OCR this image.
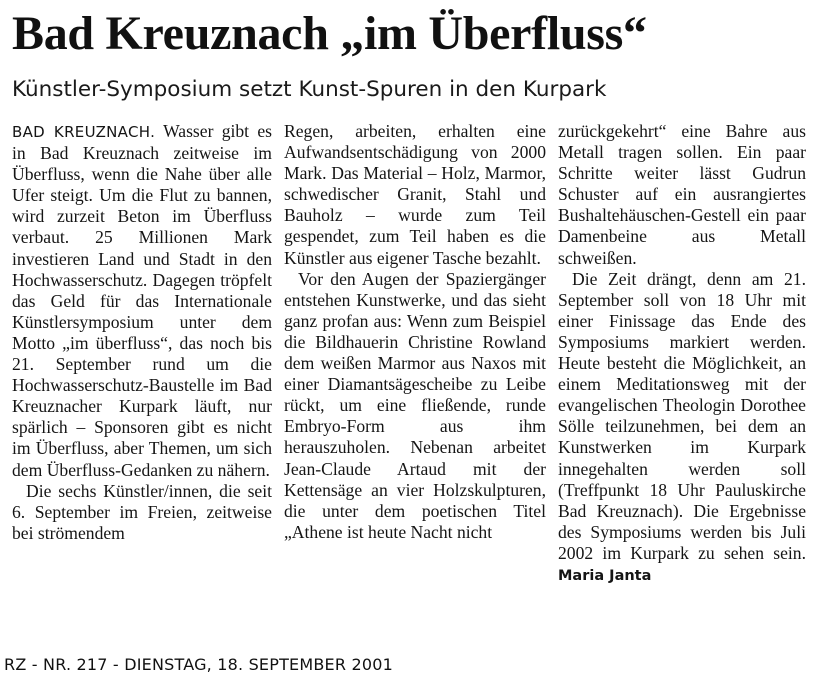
Bad Kreuznach „im Überfluss“
Künstler-Symposium setzt Kunst-Spuren in den Kurpark

BAD KREUZNACH. Wasser gibt es in Bad Kreuznach zeitweise im Überfluss, wenn die Nahe über alle Ufer steigt. Um die Flut zu bannen, wird zurzeit Beton im Überfluss verbaut. 25 Millionen Mark investieren Land und Stadt in den Hochwasserschutz. Dagegen tröpfelt das Geld für das Internationale Künstlersymposium unter dem Motto „im überfluss“, das noch bis 21. September rund um die Hochwasserschutz-Baustelle im Bad Kreuznacher Kurpark läuft, nur spärlich – Sponsoren gibt es nicht im Überfluss, aber Themen, um sich dem Überfluss-Gedanken zu nähern.

Die sechs Künstler/innen, die seit 6. September im Freien, zeitweise bei strömendem

Regen, arbeiten, erhalten eine Aufwandsentschädigung von 2000 Mark. Das Material – Holz, Marmor, schwedischer Granit, Stahl und Bauholz – wurde zum Teil gespendet, zum Teil haben es die Künstler aus eigener Tasche bezahlt.

Vor den Augen der Spaziergänger entstehen Kunstwerke, und das sieht ganz profan aus: Wenn zum Beispiel die Bildhauerin Christine Rowland dem weißen Marmor aus Naxos mit einer Diamantsägescheibe zu Leibe rückt, um eine fließende, runde Embryo-Form aus ihm herauszuholen. Nebenan arbeitet Jean-Claude Artaud mit der Kettensäge an vier Holzskulpturen, die unter dem poetischen Titel „Athene ist heute Nacht nicht

zurückgekehrt“ eine Bahre aus Metall tragen sollen. Ein paar Schritte weiter lässt Gudrun Schuster auf ein ausrangiertes Bushaltehäuschen-Gestell ein paar Damenbeine aus Metall schweißen.

Die Zeit drängt, denn am 21. September soll von 18 Uhr mit einer Finissage das Ende des Symposiums markiert werden. Heute besteht die Möglichkeit, an einem Meditationsweg mit der evangelischen Theologin Dorothee Sölle teilzunehmen, bei dem an Kunstwerken im Kurpark innegehalten werden soll (Treffpunkt 18 Uhr Pauluskirche Bad Kreuznach). Die Ergebnisse des Symposiums werden bis Juli 2002 im Kurpark zu sehen sein. Maria Janta

RZ - NR. 217 - DIENSTAG, 18. SEPTEMBER 2001
